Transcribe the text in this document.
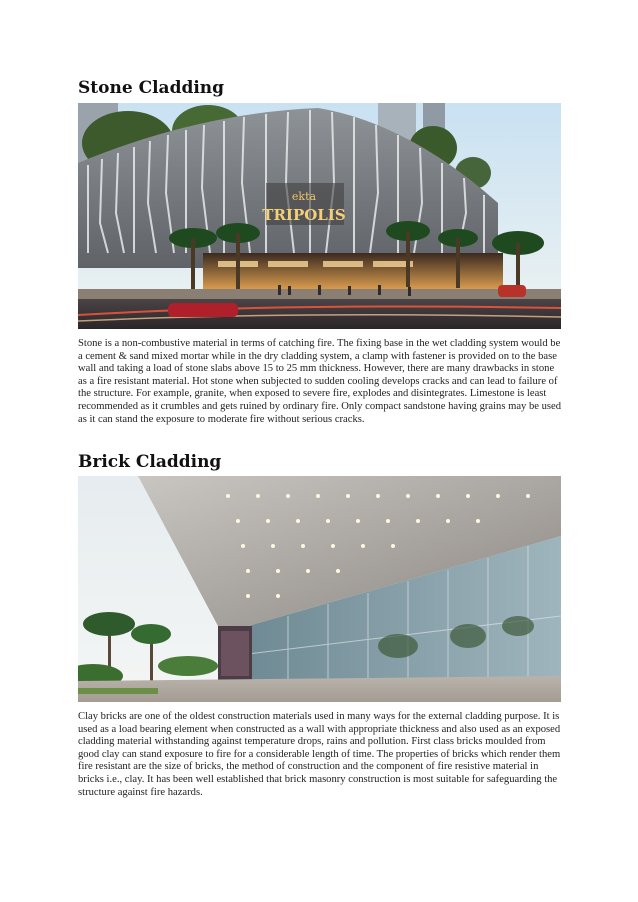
Stone Cladding
ekta
TRIPOLIS

Stone is a non-combustive material in terms of catching fire. The fixing base in the wet cladding system would be a cement & sand mixed mortar while in the dry cladding system, a clamp with fastener is provided on to the base wall and taking a load of stone slabs above 15 to 25 mm thickness. However, there are many drawbacks in stone as a fire resistant material. Hot stone when subjected to sudden cooling develops cracks and can lead to failure of the structure. For example, granite, when exposed to severe fire, explodes and disintegrates. Limestone is least recommended as it crumbles and gets ruined by ordinary fire. Only compact sandstone having grains may be used as it can stand the exposure to moderate fire without serious cracks.

Brick Cladding

Clay bricks are one of the oldest construction materials used in many ways for the external cladding purpose. It is used as a load bearing element when constructed as a wall with appropriate thickness and also used as an exposed cladding material withstanding against temperature drops, rains and pollution. First class bricks moulded from good clay can stand exposure to fire for a considerable length of time. The properties of bricks which render them fire resistant are the size of bricks, the method of construction and the component of fire resistive material in bricks i.e., clay. It has been well established that brick masonry construction is most suitable for safeguarding the structure against fire hazards.
